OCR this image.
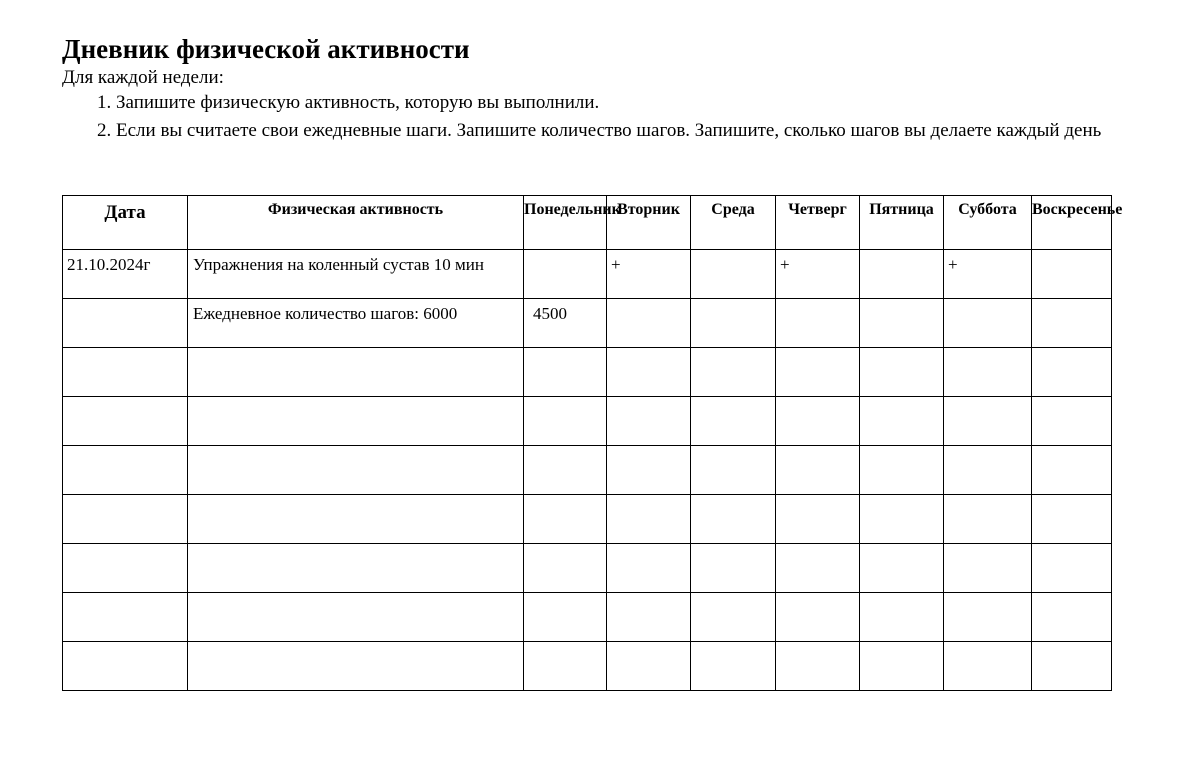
Дневник физической активности

Для каждой недели:

1. Запишите физическую активность, которую вы выполнили.
2. Если вы считаете свои ежедневные шаги. Запишите количество шагов. Запишите, сколько шагов вы делаете каждый день
Дата	Физическая активность	Понедельник	Вторник	Среда	Четверг	Пятница	Суббота	Воскресенье
21.10.2024г	Упражнения на коленный сустав 10 мин		+		+		+	
	Ежедневное количество шагов: 6000	4500						
